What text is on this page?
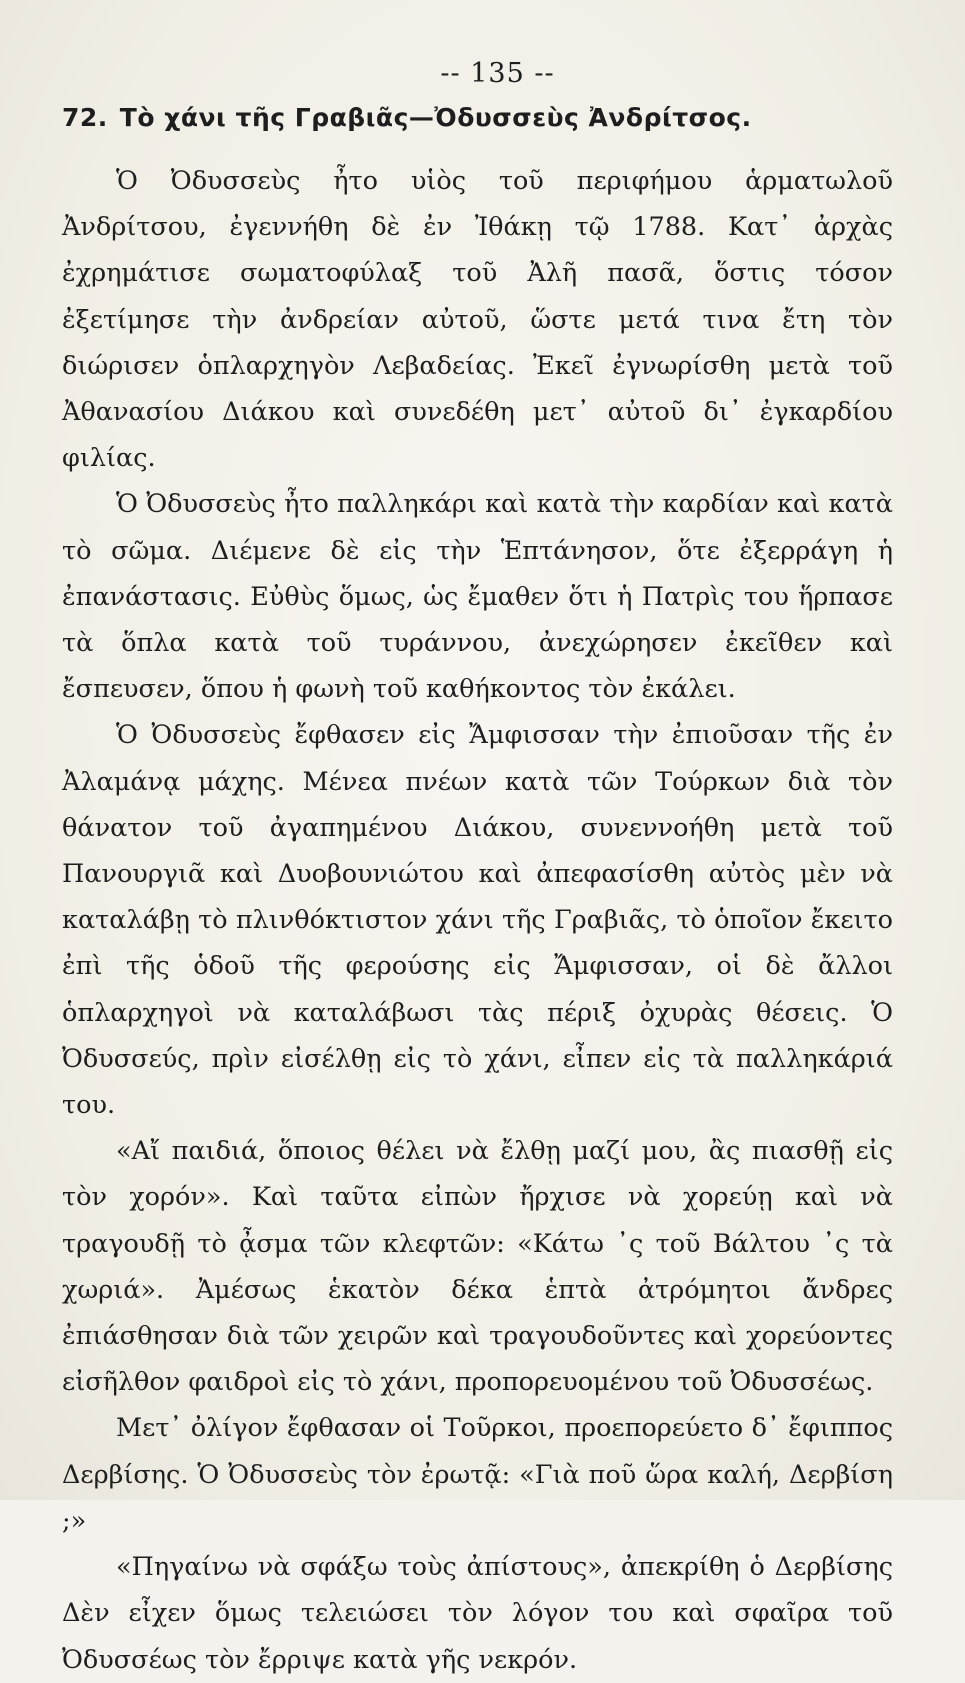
-- 135 --
72. Τὸ χάνι τῆς Γραβιᾶς—Ὀδυσσεὺς Ἀνδρίτσος.

Ὁ Ὀδυσσεὺς ἦτο υἱὸς τοῦ περιφήμου ἁρματωλοῦ Ἀνδρίτσου, ἐγεννήθη δὲ ἐν Ἰθάκῃ τῷ 1788. Κατ᾽ ἀρχὰς ἐχρημάτισε σωματοφύλαξ τοῦ Ἀλῆ πασᾶ, ὅστις τόσον ἐξετίμησε τὴν ἀνδρείαν αὐτοῦ, ὥστε μετά τινα ἔτη τὸν διώρισεν ὁπλαρχηγὸν Λεβαδείας. Ἐκεῖ ἐγνωρίσθη μετὰ τοῦ Ἀθανασίου Διάκου καὶ συνεδέθη μετ᾽ αὐτοῦ δι᾽ ἐγκαρδίου φιλίας.

Ὁ Ὀδυσσεὺς ἦτο παλληκάρι καὶ κατὰ τὴν καρδίαν καὶ κατὰ τὸ σῶμα. Διέμενε δὲ εἰς τὴν Ἑπτάνησον, ὅτε ἐξερράγη ἡ ἐπανάστασις. Εὐθὺς ὅμως, ὡς ἔμαθεν ὅτι ἡ Πατρὶς του ἥρπασε τὰ ὅπλα κατὰ τοῦ τυράννου, ἀνεχώρησεν ἐκεῖθεν καὶ ἔσπευσεν, ὅπου ἡ φωνὴ τοῦ καθήκοντος τὸν ἐκάλει.

Ὁ Ὀδυσσεὺς ἔφθασεν εἰς Ἄμφισσαν τὴν ἐπιοῦσαν τῆς ἐν Ἀλαμάνᾳ μάχης. Μένεα πνέων κατὰ τῶν Τούρκων διὰ τὸν θάνατον τοῦ ἀγαπημένου Διάκου, συνεννοήθη μετὰ τοῦ Πανουργιᾶ καὶ Δυοβουνιώτου καὶ ἀπεφασίσθη αὐτὸς μὲν νὰ καταλάβῃ τὸ πλινθόκτιστον χάνι τῆς Γραβιᾶς, τὸ ὁποῖον ἔκειτο ἐπὶ τῆς ὁδοῦ τῆς φερούσης εἰς Ἄμφισσαν, οἱ δὲ ἄλλοι ὁπλαρχηγοὶ νὰ καταλάβωσι τὰς πέριξ ὀχυρὰς θέσεις. Ὁ Ὀδυσσεύς, πρὶν εἰσέλθῃ εἰς τὸ χάνι, εἶπεν εἰς τὰ παλληκάριά του.

«Αἴ παιδιά, ὅποιος θέλει νὰ ἔλθῃ μαζί μου, ἂς πιασθῇ εἰς τὸν χορόν». Καὶ ταῦτα εἰπὼν ἤρχισε νὰ χορεύῃ καὶ νὰ τραγουδῇ τὸ ᾆσμα τῶν κλεφτῶν: «Κάτω ᾽ς τοῦ Βάλτου ᾽ς τὰ χωριά». Ἀμέσως ἑκατὸν δέκα ἑπτὰ ἀτρόμητοι ἄνδρες ἐπιάσθησαν διὰ τῶν χειρῶν καὶ τραγουδοῦντες καὶ χορεύοντες εἰσῆλθον φαιδροὶ εἰς τὸ χάνι, προπορευομένου τοῦ Ὀδυσσέως.

Μετ᾽ ὀλίγον ἔφθασαν οἱ Τοῦρκοι, προεπορεύετο δ᾽ ἔφιππος Δερβίσης. Ὁ Ὀδυσσεὺς τὸν ἐρωτᾷ: «Γιὰ ποῦ ὥρα καλή, Δερβίση ;»

«Πηγαίνω νὰ σφάξω τοὺς ἀπίστους», ἀπεκρίθη ὁ Δερβίσης Δὲν εἶχεν ὅμως τελειώσει τὸν λόγον του καὶ σφαῖρα τοῦ Ὀδυσσέως τὸν ἔρριψε κατὰ γῆς νεκρόν.
